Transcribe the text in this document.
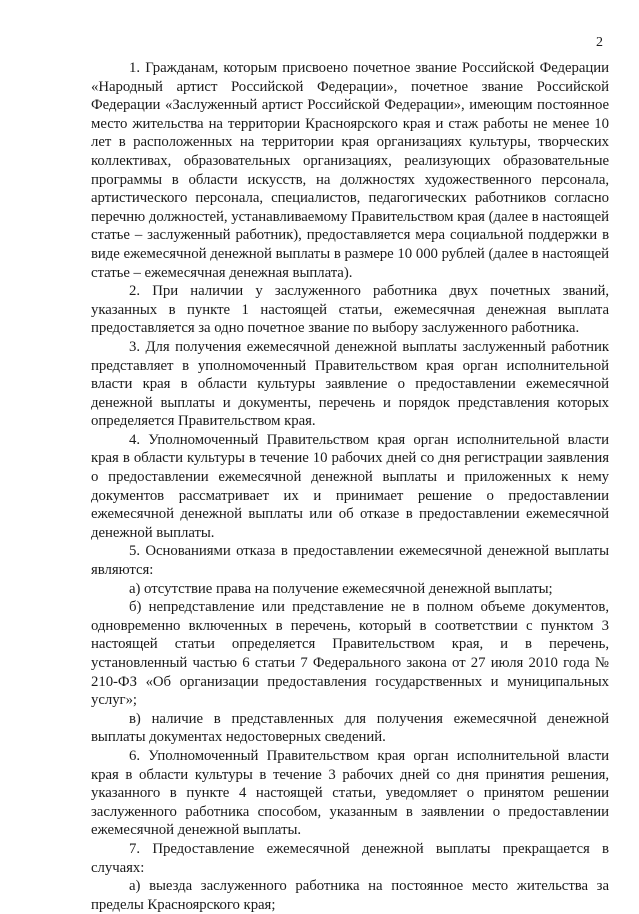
2

1. Гражданам, которым присвоено почетное звание Российской Федерации «Народный артист Российской Федерации», почетное звание Российской Федерации «Заслуженный артист Российской Федерации», имеющим постоянное место жительства на территории Красноярского края и стаж работы не менее 10 лет в расположенных на территории края организациях культуры, творческих коллективах, образовательных организациях, реализующих образовательные программы в области искусств, на должностях художественного персонала, артистического персонала, специалистов, педагогических работников согласно перечню должностей, устанавливаемому Правительством края (далее в настоящей статье – заслуженный работник), предоставляется мера социальной поддержки в виде ежемесячной денежной выплаты в размере 10 000 рублей (далее в настоящей статье – ежемесячная денежная выплата).

2. При наличии у заслуженного работника двух почетных званий, указанных в пункте 1 настоящей статьи, ежемесячная денежная выплата предоставляется за одно почетное звание по выбору заслуженного работника.

3. Для получения ежемесячной денежной выплаты заслуженный работник представляет в уполномоченный Правительством края орган исполнительной власти края в области культуры заявление о предоставлении ежемесячной денежной выплаты и документы, перечень и порядок представления которых определяется Правительством края.

4. Уполномоченный Правительством края орган исполнительной власти края в области культуры в течение 10 рабочих дней со дня регистрации заявления о предоставлении ежемесячной денежной выплаты и приложенных к нему документов рассматривает их и принимает решение о предоставлении ежемесячной денежной выплаты или об отказе в предоставлении ежемесячной денежной выплаты.

5. Основаниями отказа в предоставлении ежемесячной денежной выплаты являются:

а) отсутствие права на получение ежемесячной денежной выплаты;

б) непредставление или представление не в полном объеме документов, одновременно включенных в перечень, который в соответствии с пунктом 3 настоящей статьи определяется Правительством края, и в перечень, установленный частью 6 статьи 7 Федерального закона от 27 июля 2010 года № 210-ФЗ «Об организации предоставления государственных и муниципальных услуг»;

в) наличие в представленных для получения ежемесячной денежной выплаты документах недостоверных сведений.

6. Уполномоченный Правительством края орган исполнительной власти края в области культуры в течение 3 рабочих дней со дня принятия решения, указанного в пункте 4 настоящей статьи, уведомляет о принятом решении заслуженного работника способом, указанным в заявлении о предоставлении ежемесячной денежной выплаты.

7. Предоставление ежемесячной денежной выплаты прекращается в случаях:

а) выезда заслуженного работника на постоянное место жительства за пределы Красноярского края;
